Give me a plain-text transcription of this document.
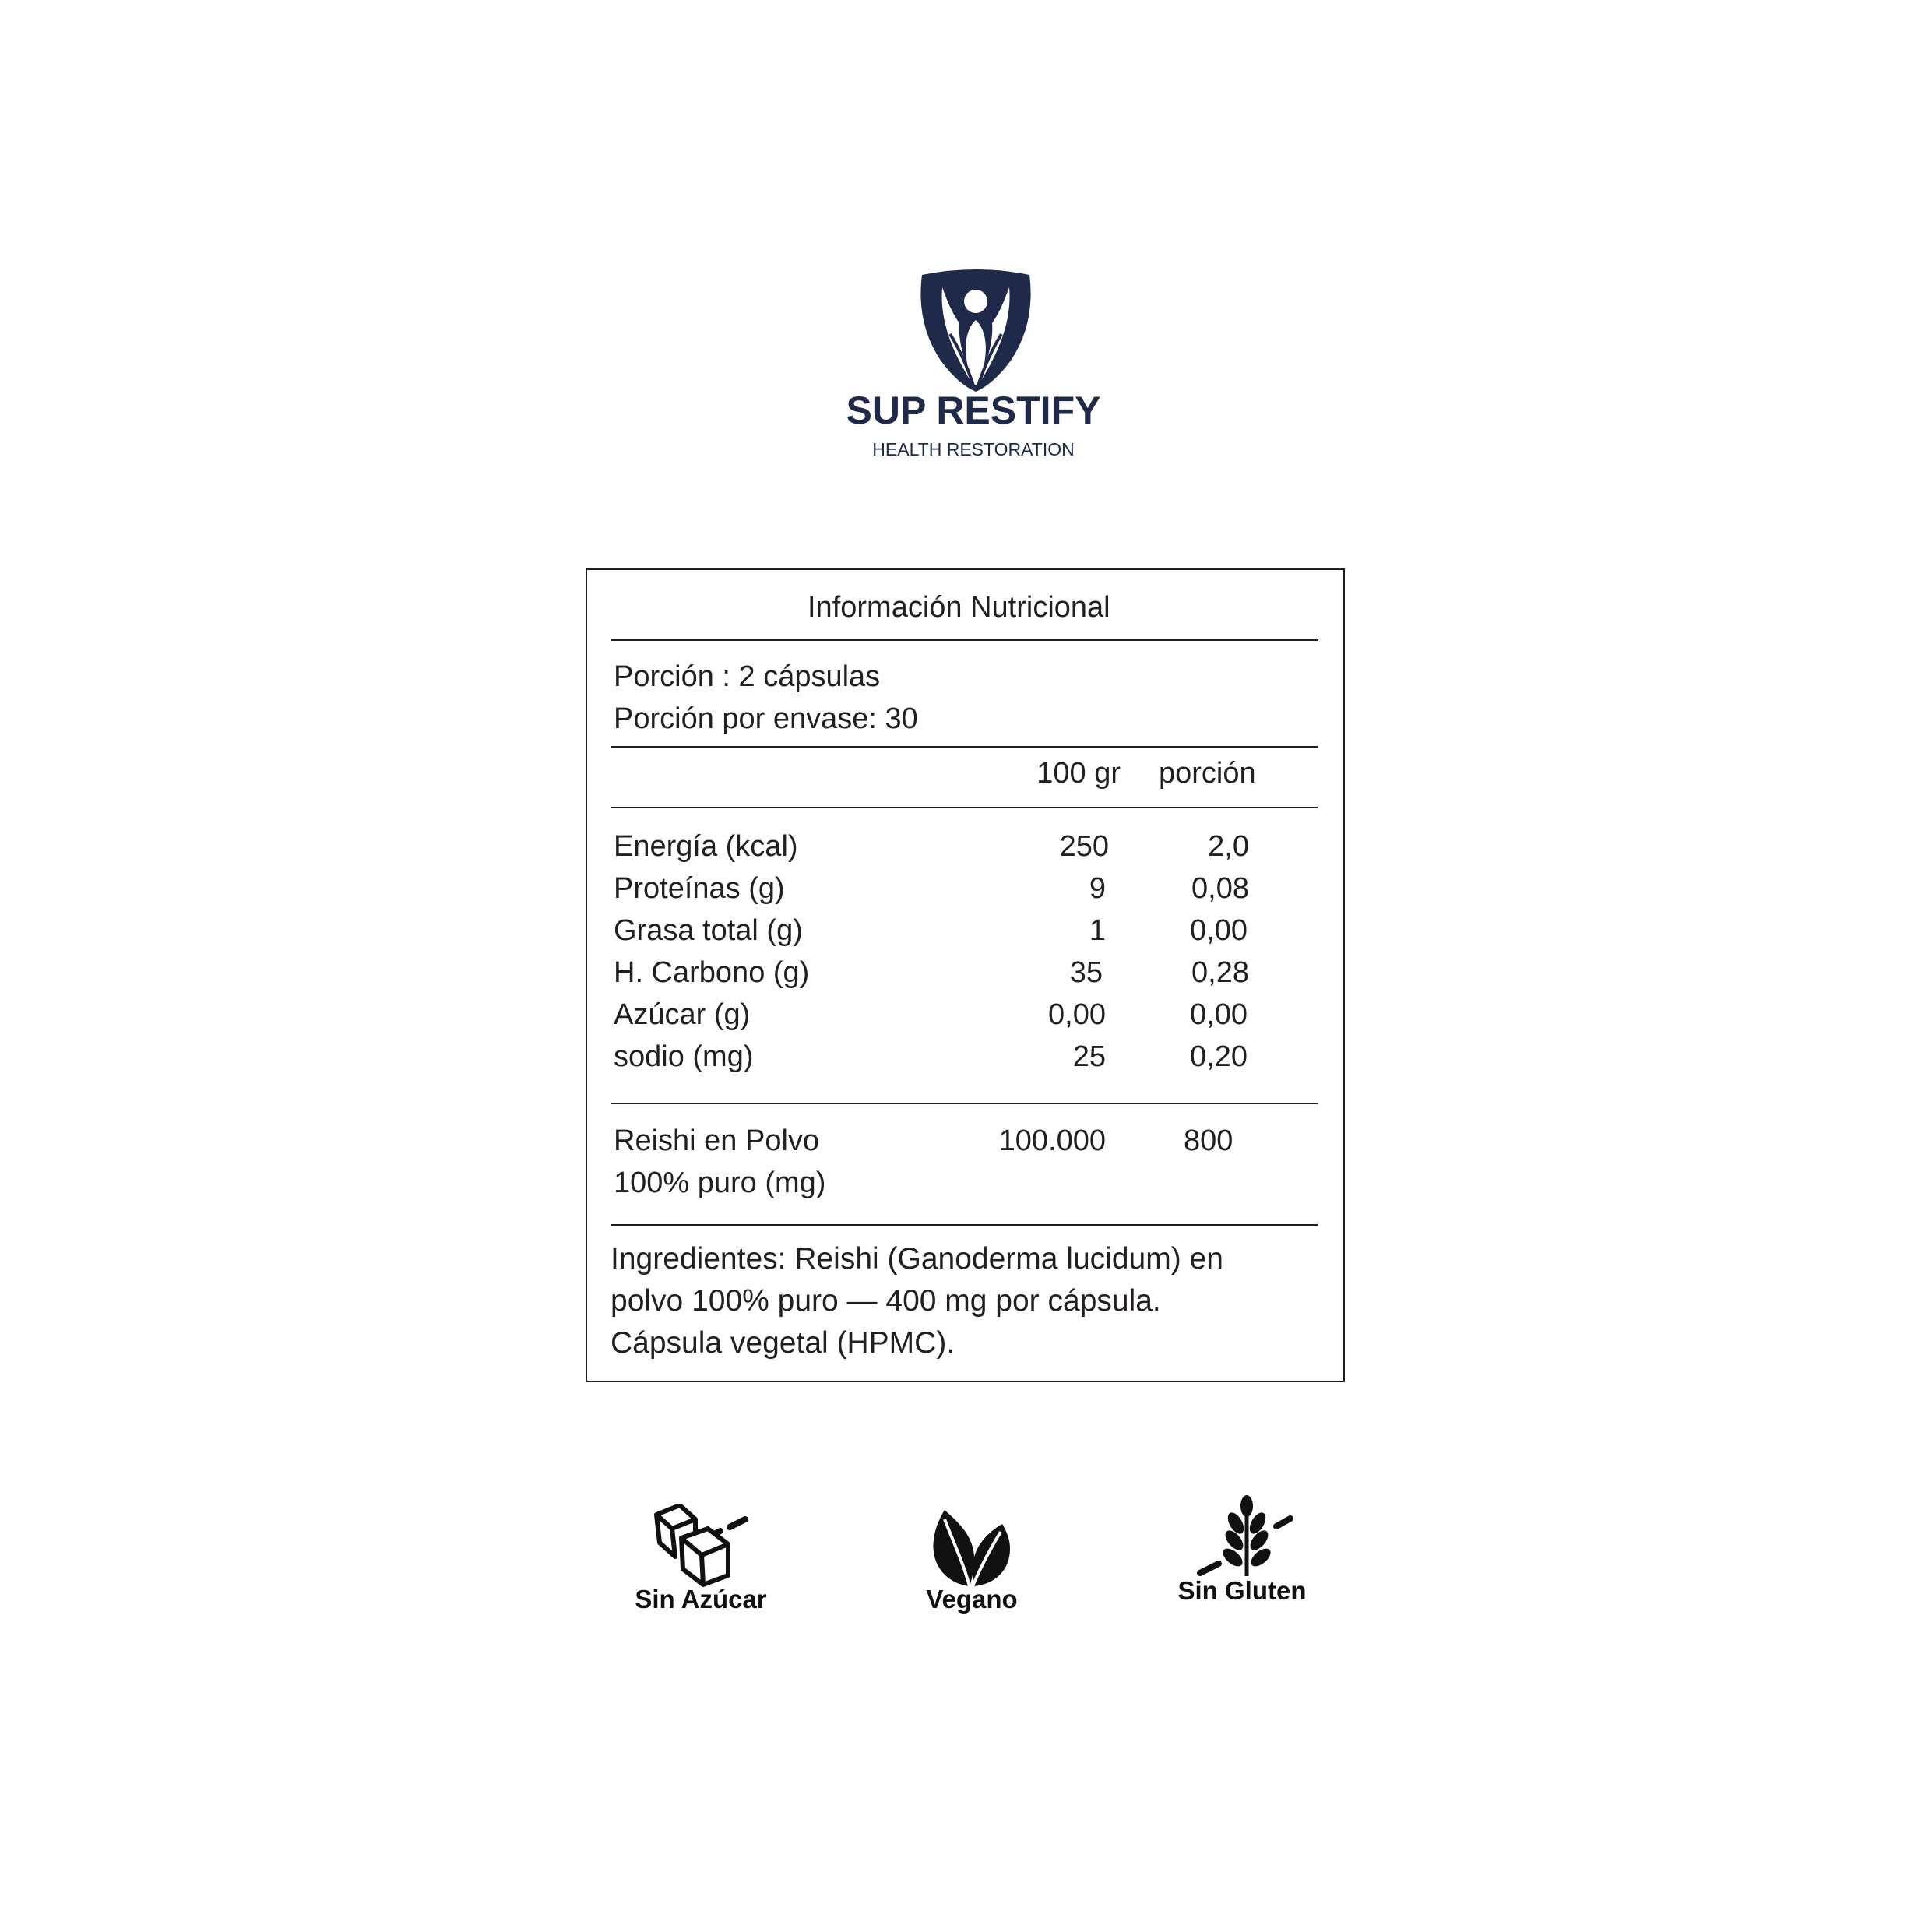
SUP RESTIFY
HEALTH RESTORATION
Información Nutricional
Porción : 2 cápsulas
Porción por envase: 30
100 gr porción
Energía (kcal)	250	2,0
Proteínas (g)	9	0,08
Grasa total (g)	1	0,00
H. Carbono (g)	35	0,28
Azúcar (g)	0,00	0,00
sodio (mg)	25	0,20
Reishi en Polvo
100% puro (mg)
100.000	800
Ingredientes: Reishi (Ganoderma lucidum) en
polvo 100% puro — 400 mg por cápsula.
Cápsula vegetal (HPMC).
Sin Azúcar	Vegano	Sin Gluten
